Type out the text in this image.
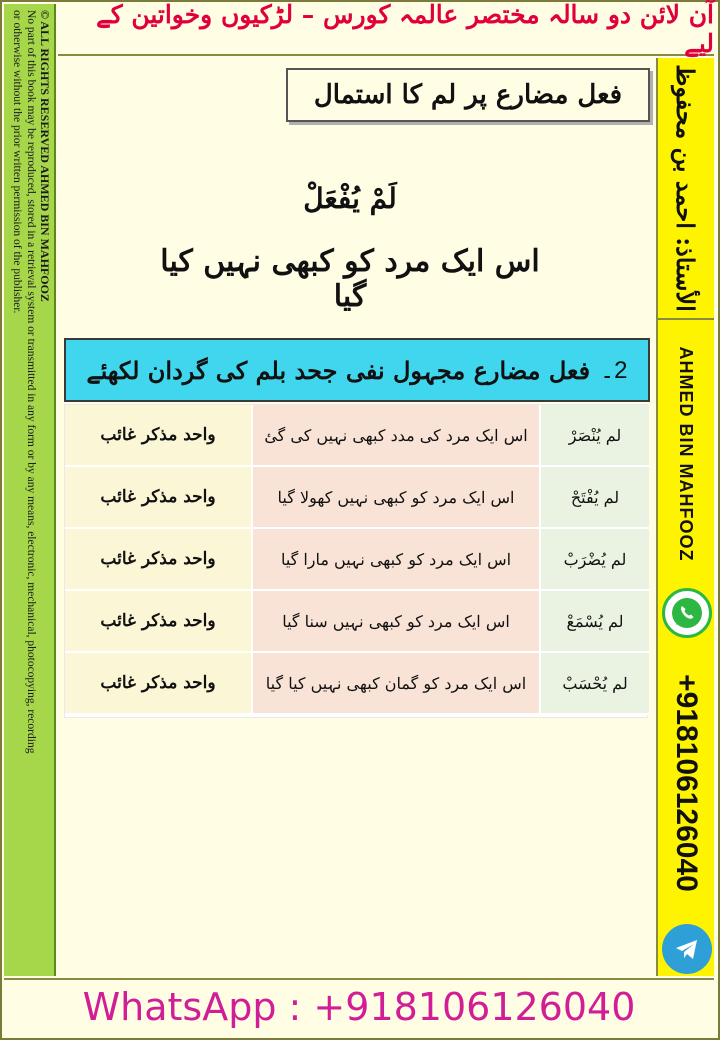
آن لائن دو سالہ مختصر عالمہ کورس – لڑکیوں وخواتین کے لیے
© ALL RIGHTS RESERVED AHMED BIN MAHFOOZ
No part of this book may be reproduced, stored in a retrieval system or transmitted in any form or by any means, electronic, mechanical, photocopying, recording
or otherwise without the prior written permission of the publisher.	الأستاذ: احمد بن محفوظ
AHMED BIN MAHFOOZ
+918106126040
WhatsApp : +918106126040
فعل مضارع پر لم کا استمال
لَمْ يُفْعَلْ
اس ایک مرد کو کبھی نہیں کیا گیا
2۔
فعل مضارع مجہول نفی جحد بلم کی گردان لکھئے
واحد مذکر غائب	اس ایک مرد کی مدد کبھی نہیں کی گئ	لم يُنْصَرْ
واحد مذکر غائب	اس ایک مرد کو کبھی نہیں کھولا گیا	لم يُفْتَحْ
واحد مذکر غائب	اس ایک مرد کو کبھی نہیں مارا گیا	لم يُضْرَبْ
واحد مذکر غائب	اس ایک مرد کو کبھی نہیں سنا گیا	لم يُسْمَعْ
واحد مذکر غائب	اس ایک مرد کو گمان کبھی نہیں کیا گیا	لم يُحْسَبْ
